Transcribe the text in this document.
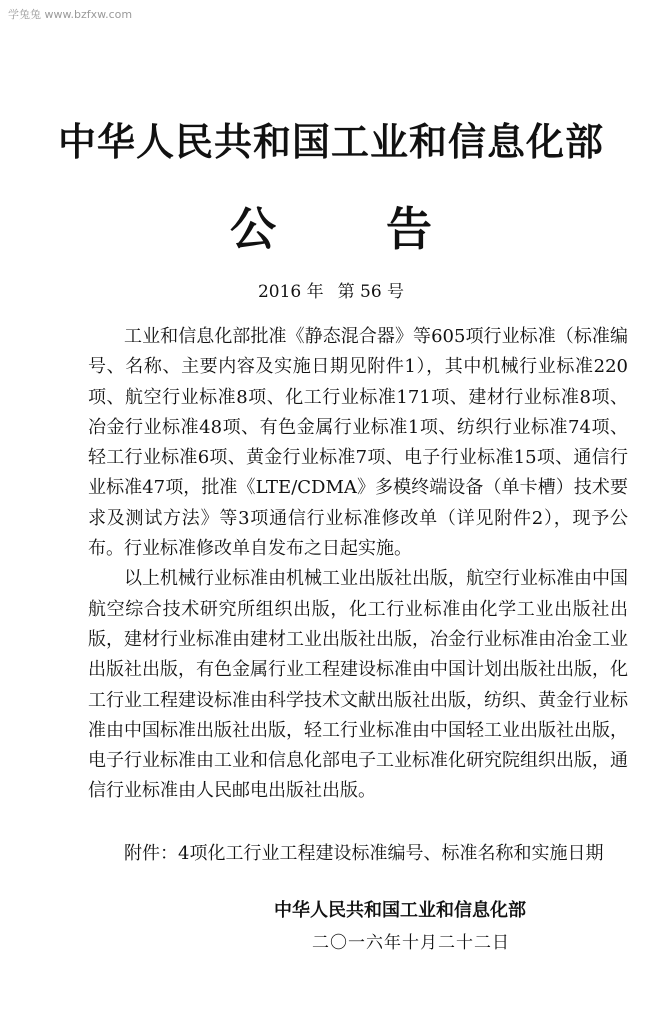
学兔兔 www.bzfxw.com
中华人民共和国工业和信息化部
公 告
2016 年 第 56 号

工业和信息化部批准《静态混合器》等605项行业标准（标准编号、名称、主要内容及实施日期见附件1），其中机械行业标准220项、航空行业标准8项、化工行业标准171项、建材行业标准8项、冶金行业标准48项、有色金属行业标准1项、纺织行业标准74项、轻工行业标准6项、黄金行业标准7项、电子行业标准15项、通信行业标准47项，批准《LTE/CDMA》多模终端设备（单卡槽）技术要求及测试方法》等3项通信行业标准修改单（详见附件2），现予公布。行业标准修改单自发布之日起实施。

以上机械行业标准由机械工业出版社出版，航空行业标准由中国航空综合技术研究所组织出版，化工行业标准由化学工业出版社出版，建材行业标准由建材工业出版社出版，冶金行业标准由冶金工业出版社出版，有色金属行业工程建设标准由中国计划出版社出版，化工行业工程建设标准由科学技术文献出版社出版，纺织、黄金行业标准由中国标准出版社出版，轻工行业标准由中国轻工业出版社出版，电子行业标准由工业和信息化部电子工业标准化研究院组织出版，通信行业标准由人民邮电出版社出版。

附件：4项化工行业工程建设标准编号、标准名称和实施日期
中华人民共和国工业和信息化部
二〇一六年十月二十二日
